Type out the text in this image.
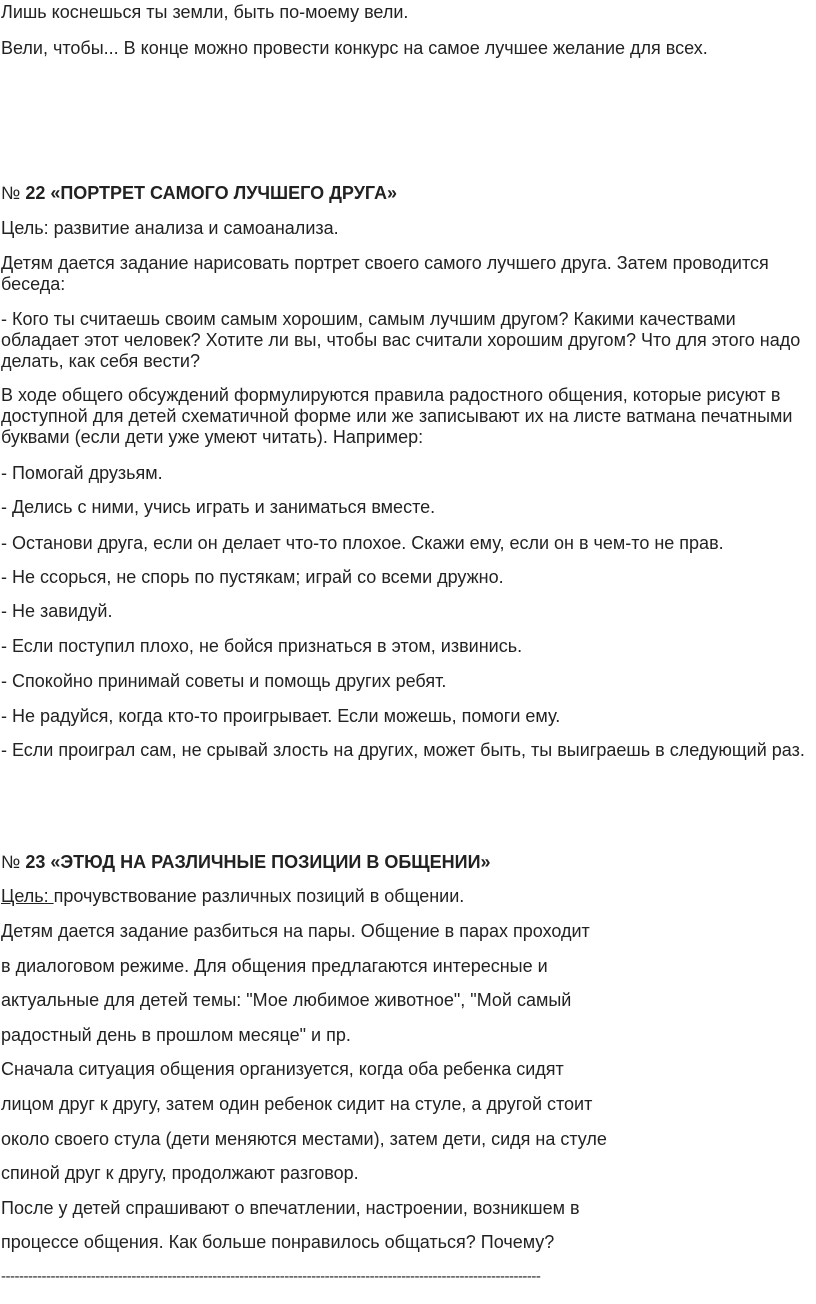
Лишь коснешься ты земли, быть по-моему вели.

Вели, чтобы... В конце можно провести конкурс на самое лучшее желание для всех.

№ 22 «ПОРТРЕТ САМОГО ЛУЧШЕГО ДРУГА»

Цель: развитие анализа и самоанализа.

Детям дается задание нарисовать портрет своего самого лучшего друга. Затем проводится беседа:

- Кого ты считаешь своим самым хорошим, самым лучшим другом? Какими качествами обладает этот человек? Хотите ли вы, чтобы вас считали хорошим другом? Что для этого надо делать, как себя вести?

В ходе общего обсуждений формулируются правила радостного общения, которые рисуют в доступной для детей схематичной форме или же записывают их на листе ватмана печатными буквами (если дети уже умеют читать). Например:

- Помогай друзьям.

- Делись с ними, учись играть и заниматься вместе.

- Останови друга, если он делает что-то плохое. Скажи ему, если он в чем-то не прав.

- Не ссорься, не спорь по пустякам; играй со всеми дружно.

- Не завидуй.

- Если поступил плохо, не бойся признаться в этом, извинись.

- Спокойно принимай советы и помощь других ребят.

- Не радуйся, когда кто-то проигрывает. Если можешь, помоги ему.

- Если проиграл сам, не срывай злость на других, может быть, ты выиграешь в следующий раз.

№ 23 «ЭТЮД НА РАЗЛИЧНЫЕ ПОЗИЦИИ В ОБЩЕНИИ»

Цель: прочувствование различных позиций в общении.

Детям дается задание разбиться на пары. Общение в парах проходит

в диалоговом режиме. Для общения предлагаются интересные и

актуальные для детей темы: "Мое любимое животное", "Мой самый

радостный день в прошлом месяце" и пр.

Сначала ситуация общения организуется, когда оба ребенка сидят

лицом друг к другу, затем один ребенок сидит на стуле, а другой стоит

около своего стула (дети меняются местами), затем дети, сидя на стуле

спиной друг к другу, продолжают разговор.

После у детей спрашивают о впечатлении, настроении, возникшем в

процессе общения. Как больше понравилось общаться? Почему?

------------------------------------------------------------------------------------------------------------------------
